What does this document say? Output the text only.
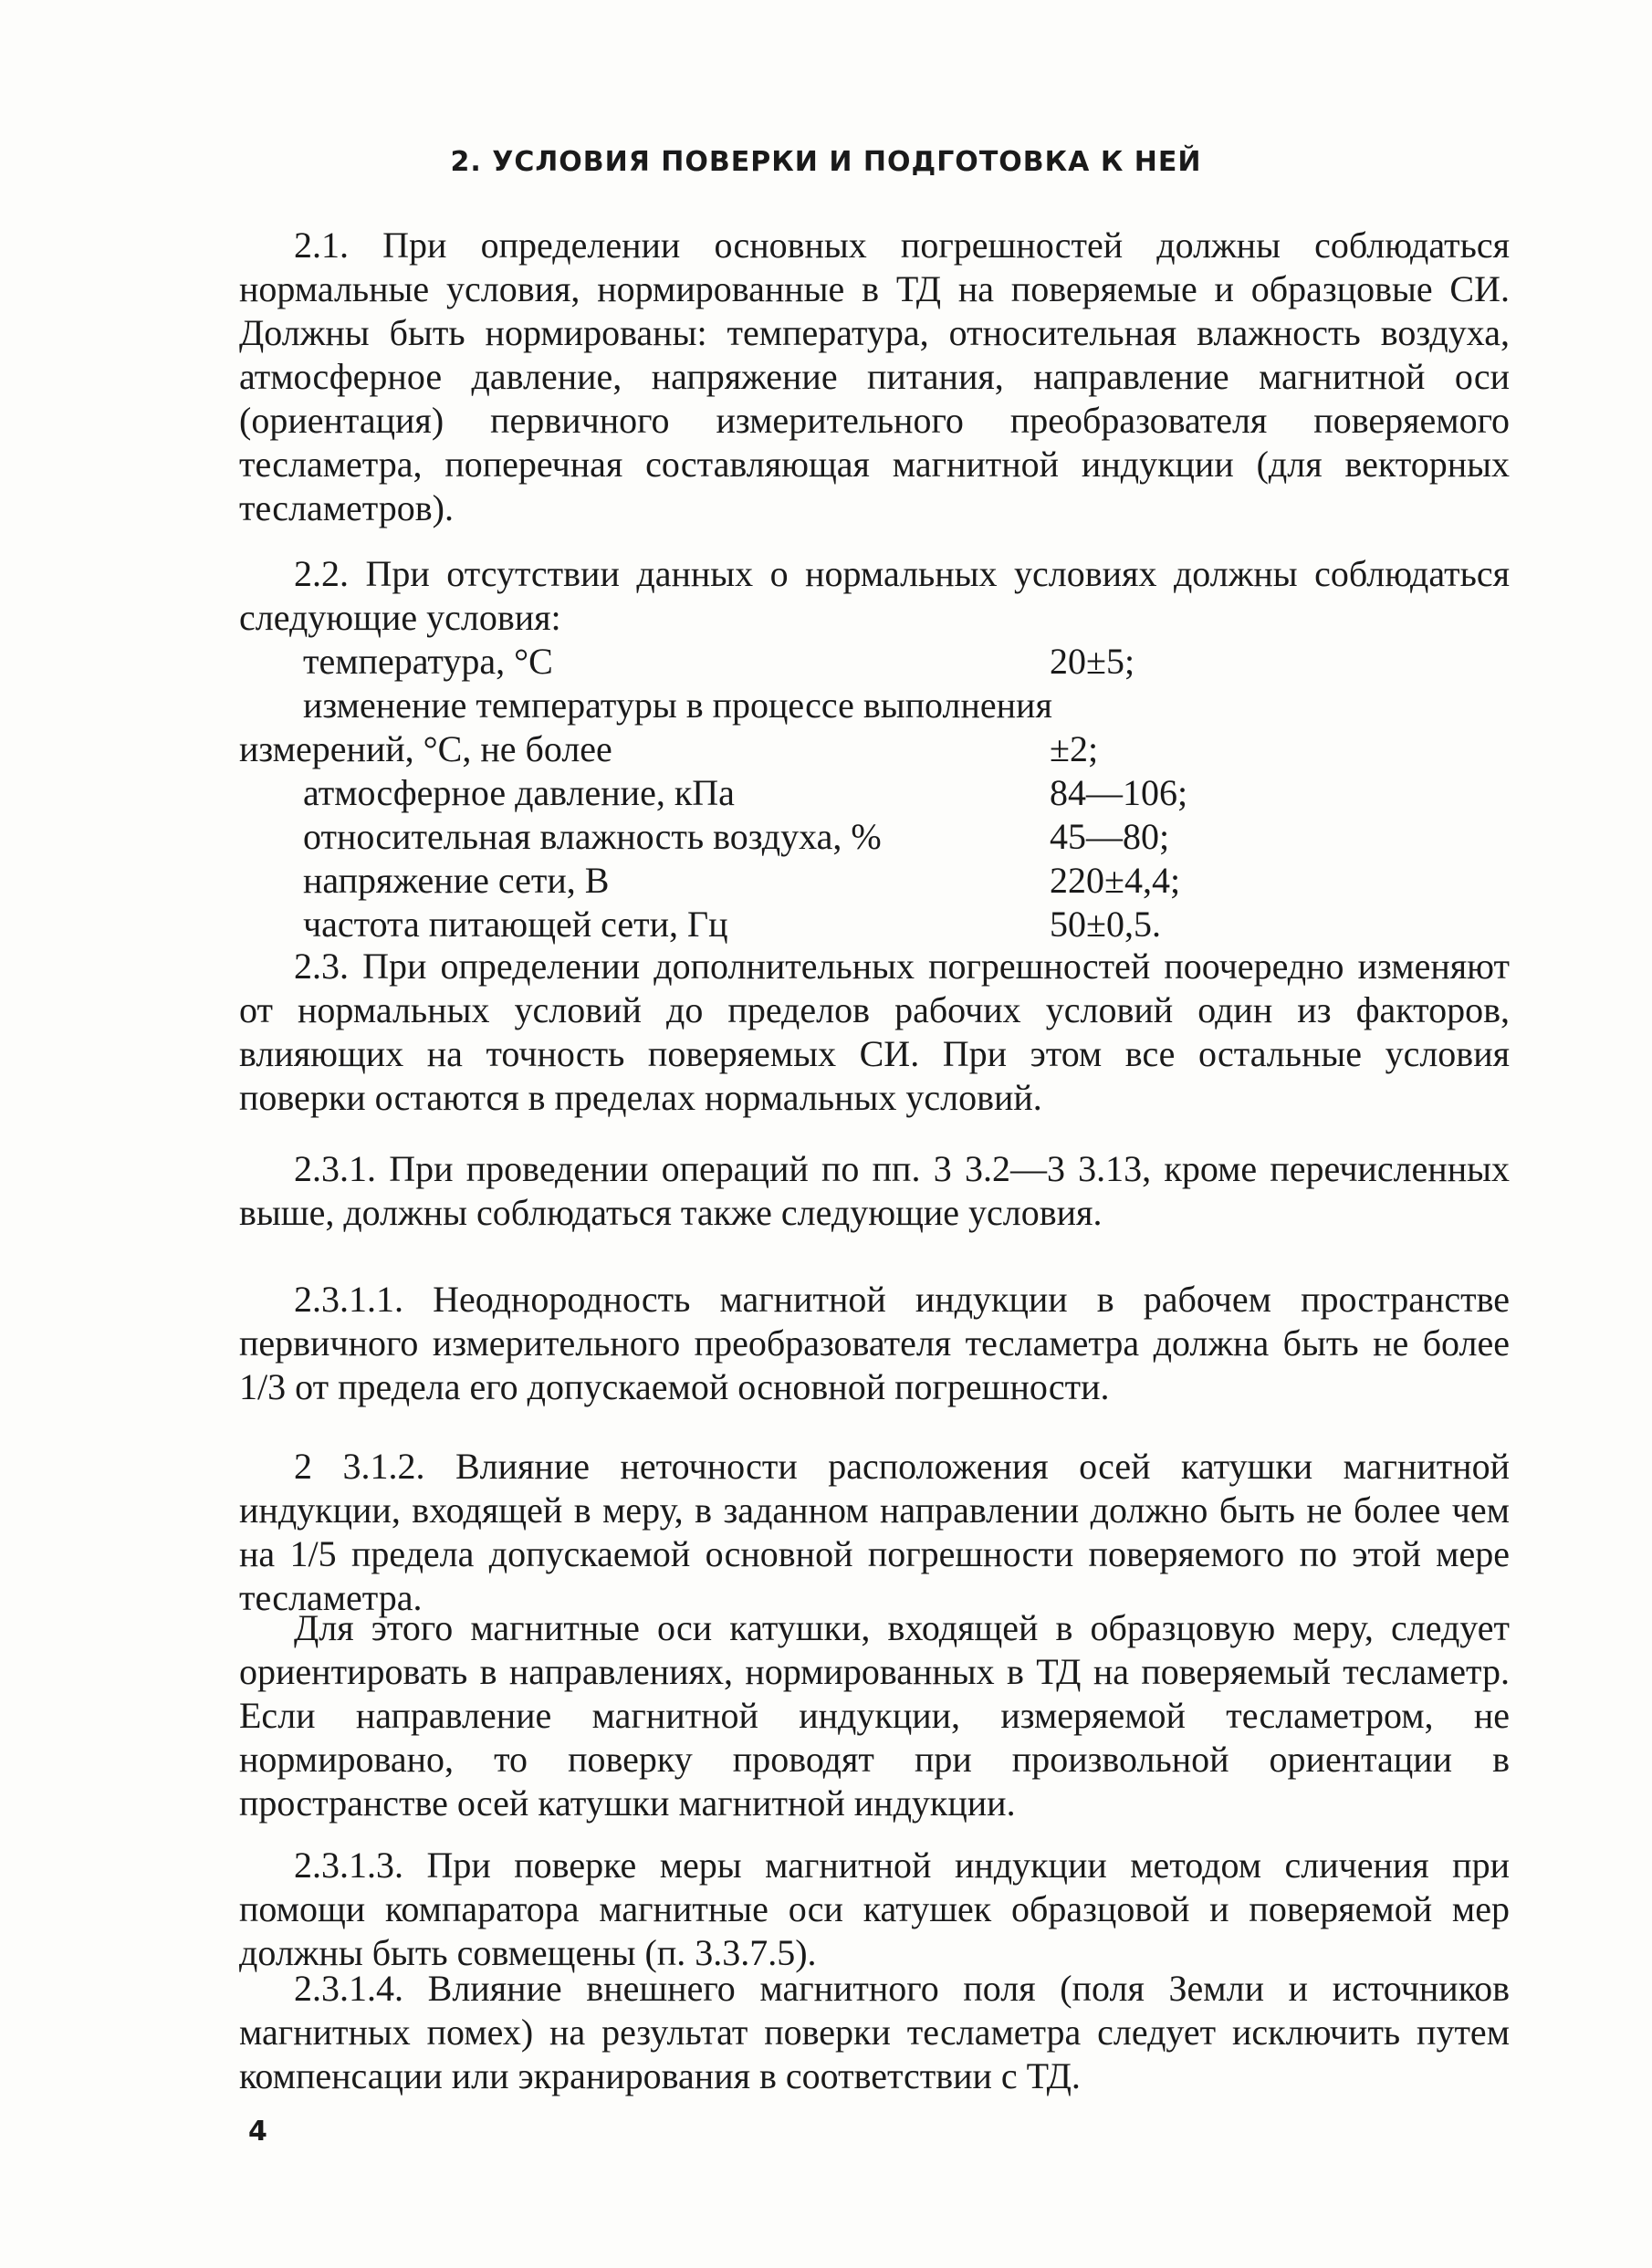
2. УСЛОВИЯ ПОВЕРКИ И ПОДГОТОВКА К НЕЙ

2.1. При определении основных погрешностей должны соблюдаться нормальные условия, нормированные в ТД на поверяемые и образцовые СИ. Должны быть нормированы: температура, относительная влажность воздуха, атмосферное давление, напряжение питания, направление магнитной оси (ориентация) первичного измерительного преобразователя поверяемого тесламетра, поперечная составляющая магнитной индукции (для векторных тесламетров).

2.2. При отсутствии данных о нормальных условиях должны соблюдаться следующие условия:

температура, °С	20±5;
изменение температуры в процессе выполнения
измерений, °С, не более	±2;
атмосферное давление, кПа	84—106;
относительная влажность воздуха, %	45—80;
напряжение сети, В	220±4,4;
частота питающей сети, Гц	50±0,5.

2.3. При определении дополнительных погрешностей поочередно изменяют от нормальных условий до пределов рабочих условий один из факторов, влияющих на точность поверяемых СИ. При этом все остальные условия поверки остаются в пределах нормальных условий.

2.3.1. При проведении операций по пп. 3 3.2—3 3.13, кроме перечисленных выше, должны соблюдаться также следующие условия.

2.3.1.1. Неоднородность магнитной индукции в рабочем пространстве первичного измерительного преобразователя тесламетра должна быть не более 1/3 от предела его допускаемой основной погрешности.

2 3.1.2. Влияние неточности расположения осей катушки магнитной индукции, входящей в меру, в заданном направлении должно быть не более чем на 1/5 предела допускаемой основной погрешности поверяемого по этой мере тесламетра.

Для этого магнитные оси катушки, входящей в образцовую меру, следует ориентировать в направлениях, нормированных в ТД на поверяемый тесламетр. Если направление магнитной индукции, измеряемой тесламетром, не нормировано, то поверку проводят при произвольной ориентации в пространстве осей катушки магнитной индукции.

2.3.1.3. При поверке меры магнитной индукции методом сличения при помощи компаратора магнитные оси катушек образцовой и поверяемой мер должны быть совмещены (п. 3.3.7.5).

2.3.1.4. Влияние внешнего магнитного поля (поля Земли и источников магнитных помех) на результат поверки тесламетра следует исключить путем компенсации или экранирования в соответствии с ТД.

4
